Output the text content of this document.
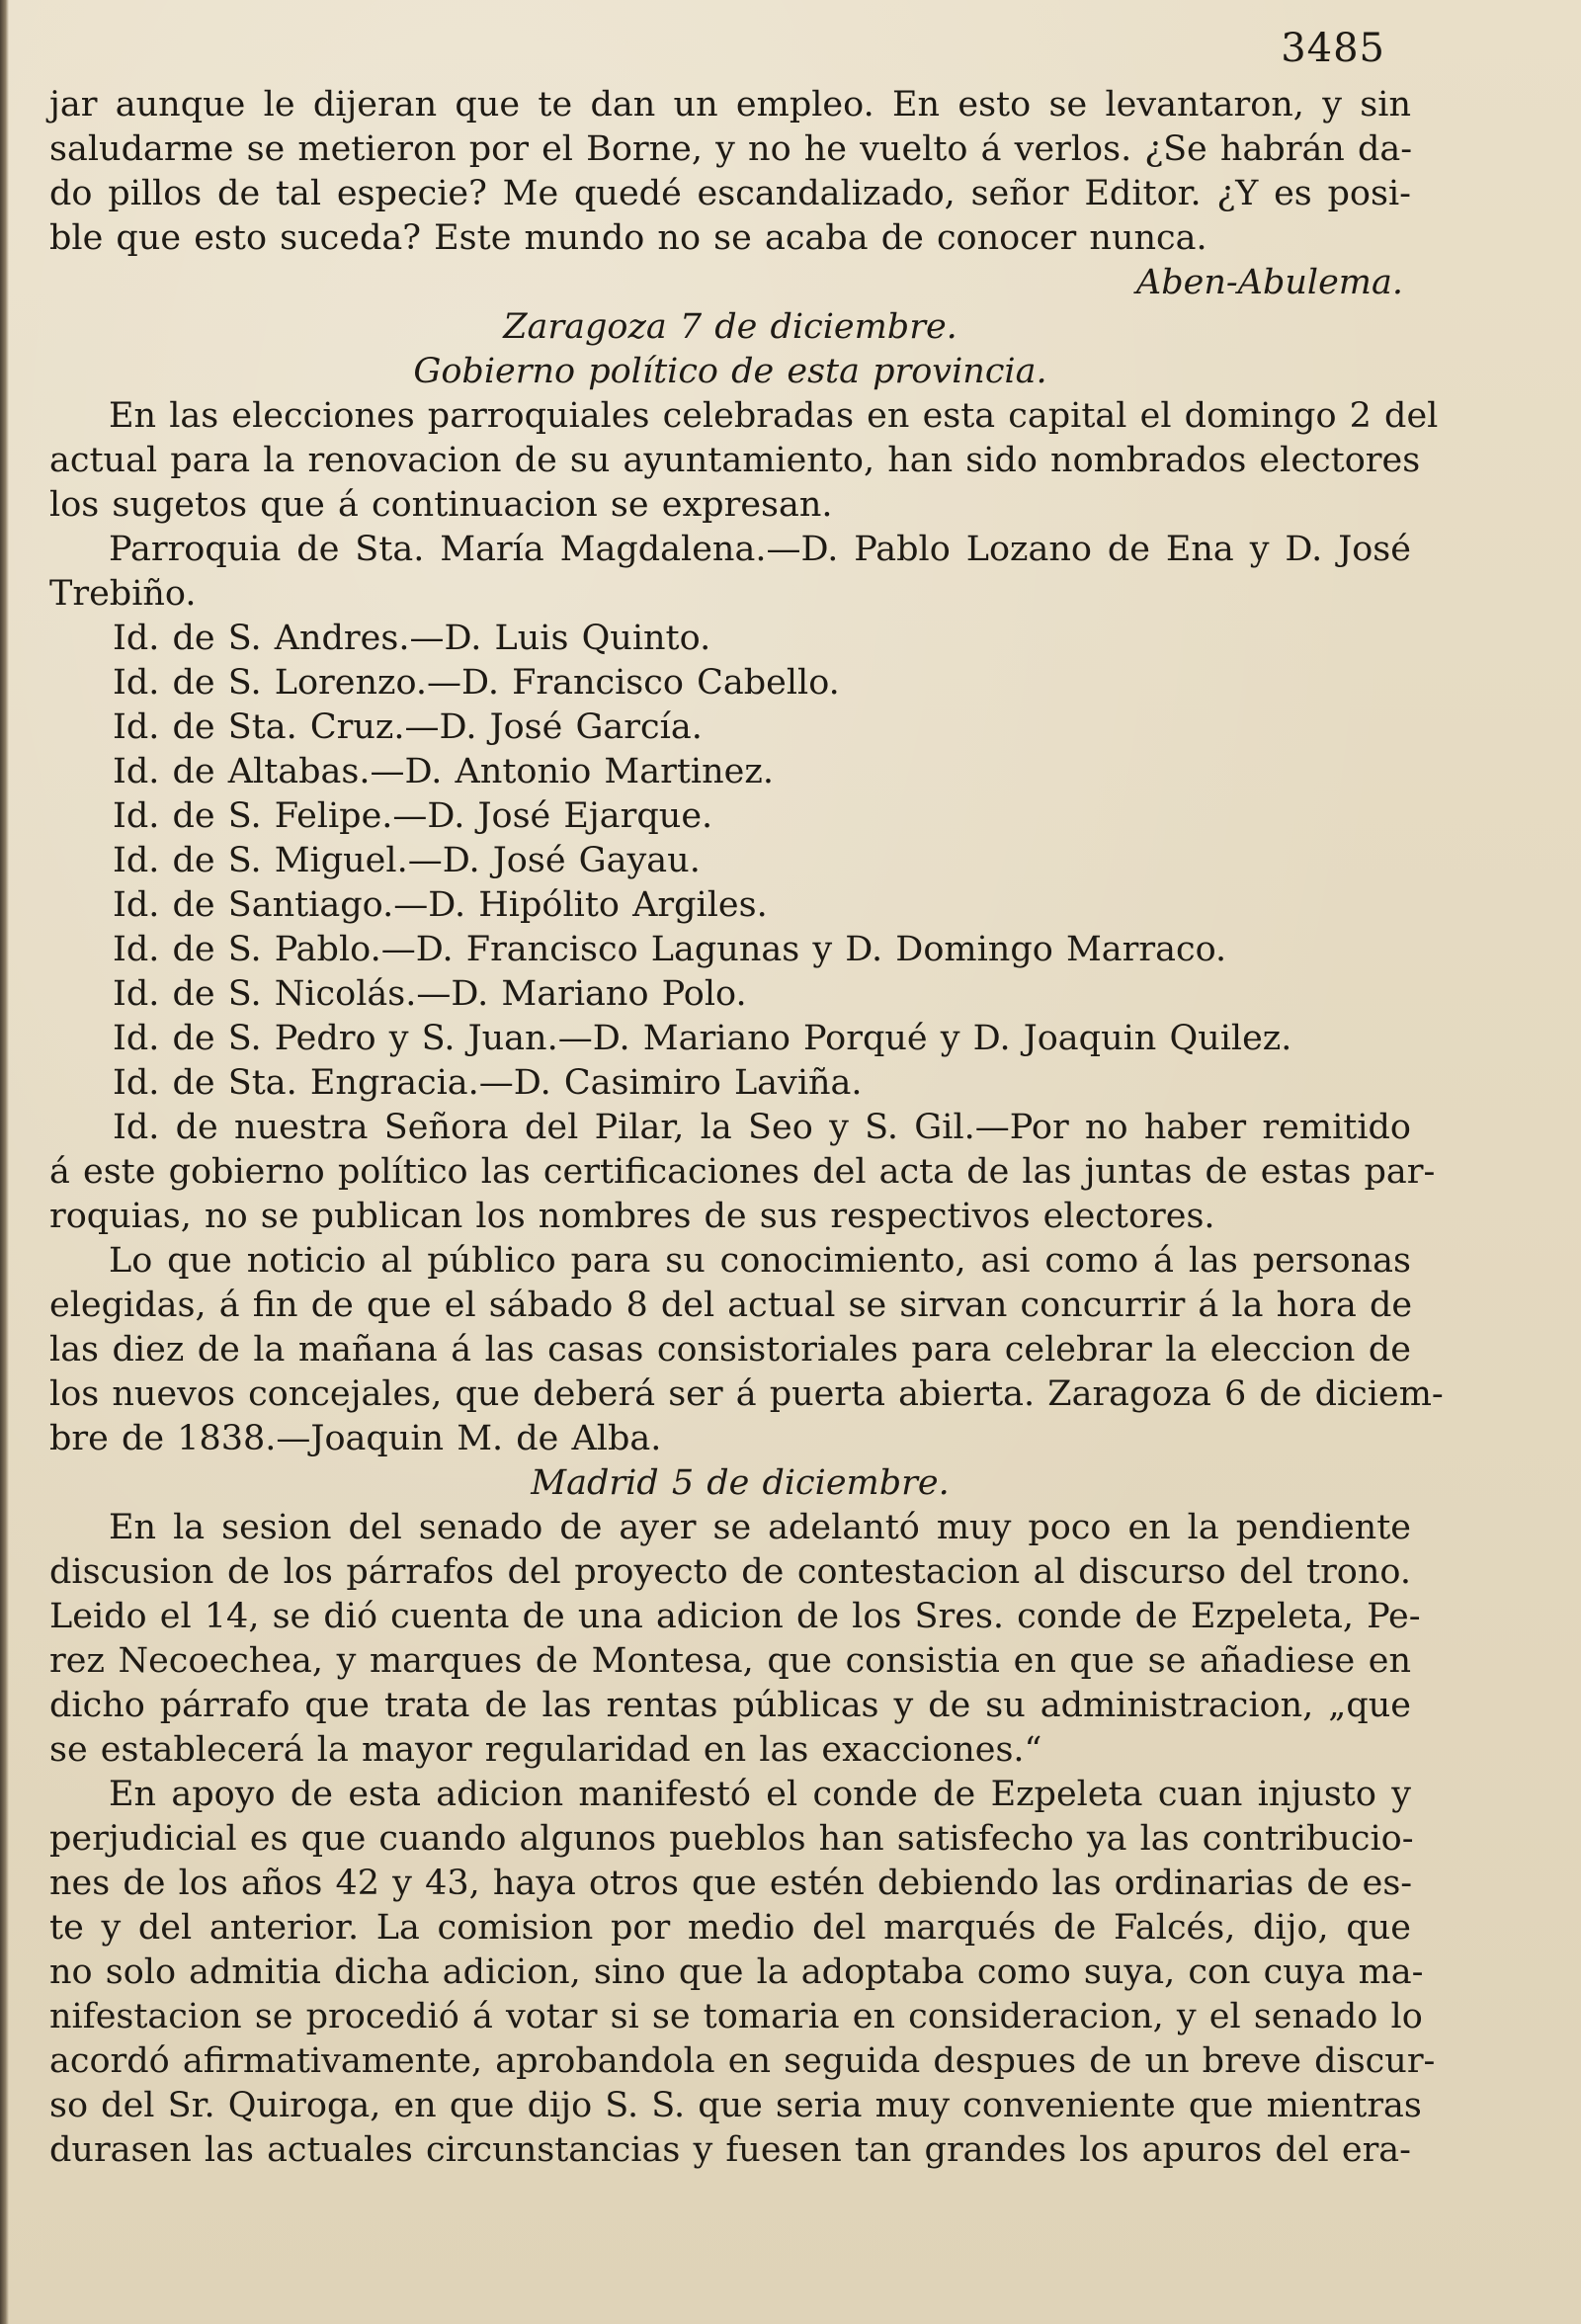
3485

jar aunque le dijeran que te dan un empleo. En esto se levantaron, y sin

saludarme se metieron por el Borne, y no he vuelto á verlos. ¿Se habrán da-

do pillos de tal especie? Me quedé escandalizado, señor Editor. ¿Y es posi-

ble que esto suceda? Este mundo no se acaba de conocer nunca.

Aben-Abulema.

Zaragoza 7 de diciembre.

Gobierno político de esta provincia.

En las elecciones parroquiales celebradas en esta capital el domingo 2 del

actual para la renovacion de su ayuntamiento, han sido nombrados electores

los sugetos que á continuacion se expresan.

Parroquia de Sta. María Magdalena.—D. Pablo Lozano de Ena y D. José

Trebiño.

Id. de S. Andres.—D. Luis Quinto.

Id. de S. Lorenzo.—D. Francisco Cabello.

Id. de Sta. Cruz.—D. José García.

Id. de Altabas.—D. Antonio Martinez.

Id. de S. Felipe.—D. José Ejarque.

Id. de S. Miguel.—D. José Gayau.

Id. de Santiago.—D. Hipólito Argiles.

Id. de S. Pablo.—D. Francisco Lagunas y D. Domingo Marraco.

Id. de S. Nicolás.—D. Mariano Polo.

Id. de S. Pedro y S. Juan.—D. Mariano Porqué y D. Joaquin Quilez.

Id. de Sta. Engracia.—D. Casimiro Laviña.

Id. de nuestra Señora del Pilar, la Seo y S. Gil.—Por no haber remitido

á este gobierno político las certificaciones del acta de las juntas de estas par-

roquias, no se publican los nombres de sus respectivos electores.

Lo que noticio al público para su conocimiento, asi como á las personas

elegidas, á fin de que el sábado 8 del actual se sirvan concurrir á la hora de

las diez de la mañana á las casas consistoriales para celebrar la eleccion de

los nuevos concejales, que deberá ser á puerta abierta. Zaragoza 6 de diciem-

bre de 1838.—Joaquin M. de Alba.

Madrid 5 de diciembre.

En la sesion del senado de ayer se adelantó muy poco en la pendiente

discusion de los párrafos del proyecto de contestacion al discurso del trono.

Leido el 14, se dió cuenta de una adicion de los Sres. conde de Ezpeleta, Pe-

rez Necoechea, y marques de Montesa, que consistia en que se añadiese en

dicho párrafo que trata de las rentas públicas y de su administracion, „que

se establecerá la mayor regularidad en las exacciones.“

En apoyo de esta adicion manifestó el conde de Ezpeleta cuan injusto y

perjudicial es que cuando algunos pueblos han satisfecho ya las contribucio-

nes de los años 42 y 43, haya otros que estén debiendo las ordinarias de es-

te y del anterior. La comision por medio del marqués de Falcés, dijo, que

no solo admitia dicha adicion, sino que la adoptaba como suya, con cuya ma-

nifestacion se procedió á votar si se tomaria en consideracion, y el senado lo

acordó afirmativamente, aprobandola en seguida despues de un breve discur-

so del Sr. Quiroga, en que dijo S. S. que seria muy conveniente que mientras

durasen las actuales circunstancias y fuesen tan grandes los apuros del era-
